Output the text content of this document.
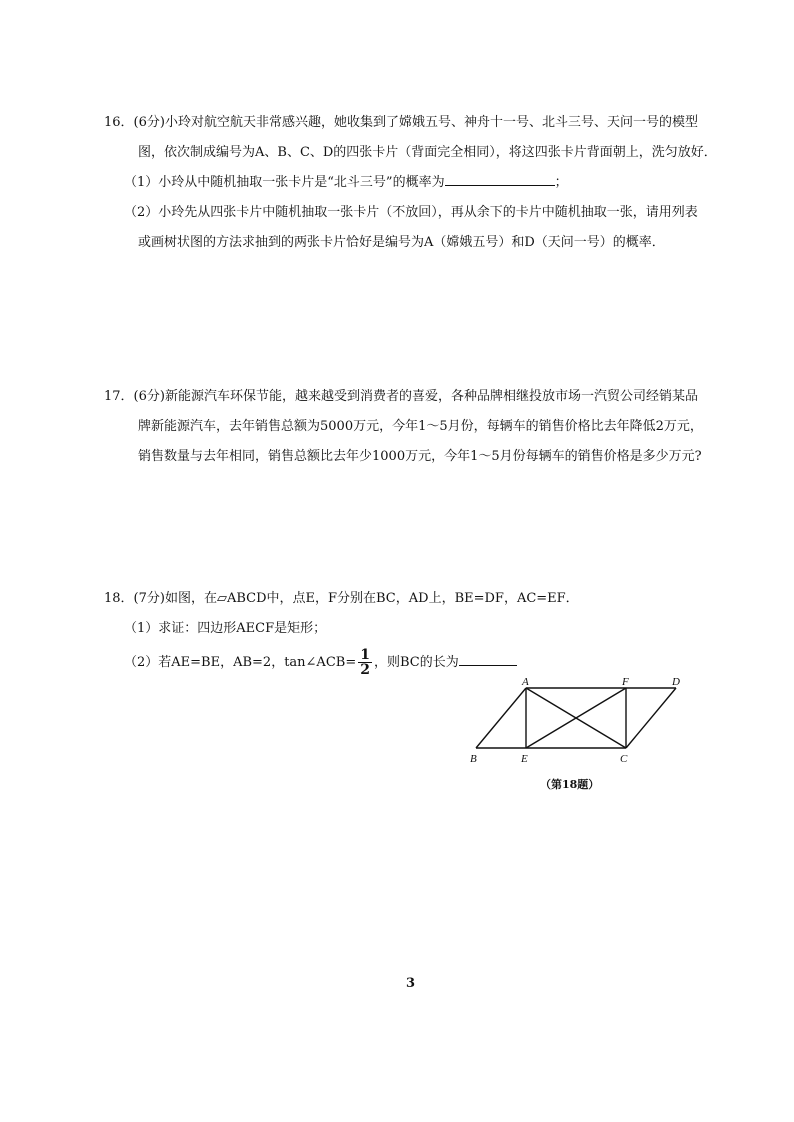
16．(6分)小玲对航空航天非常感兴趣，她收集到了嫦娥五号、神舟十一号、北斗三号、天问一号的模型
图，依次制成编号为A、B、C、D的四张卡片（背面完全相同），将这四张卡片背面朝上，洗匀放好．
（1）小玲从中随机抽取一张卡片是“北斗三号”的概率为	；
（2）小玲先从四张卡片中随机抽取一张卡片（不放回），再从余下的卡片中随机抽取一张，请用列表
或画树状图的方法求抽到的两张卡片恰好是编号为A（嫦娥五号）和D（天问一号）的概率．
17．(6分)新能源汽车环保节能，越来越受到消费者的喜爱，各种品牌相继投放市场一汽贸公司经销某品
牌新能源汽车，去年销售总额为5000万元，今年1～5月份，每辆车的销售价格比去年降低2万元，
销售数量与去年相同，销售总额比去年少1000万元，今年1～5月份每辆车的销售价格是多少万元?
18．(7分)如图，在▱ABCD中，点E，F分别在BC，AD上，BE=DF，AC=EF．
（1）求证：四边形AECF是矩形；
（2）若AE=BE，AB=2，tan∠ACB= $\frac{1}{2}$ ，则BC的长为
A	F	D
B	E	C
（第18题）
3
